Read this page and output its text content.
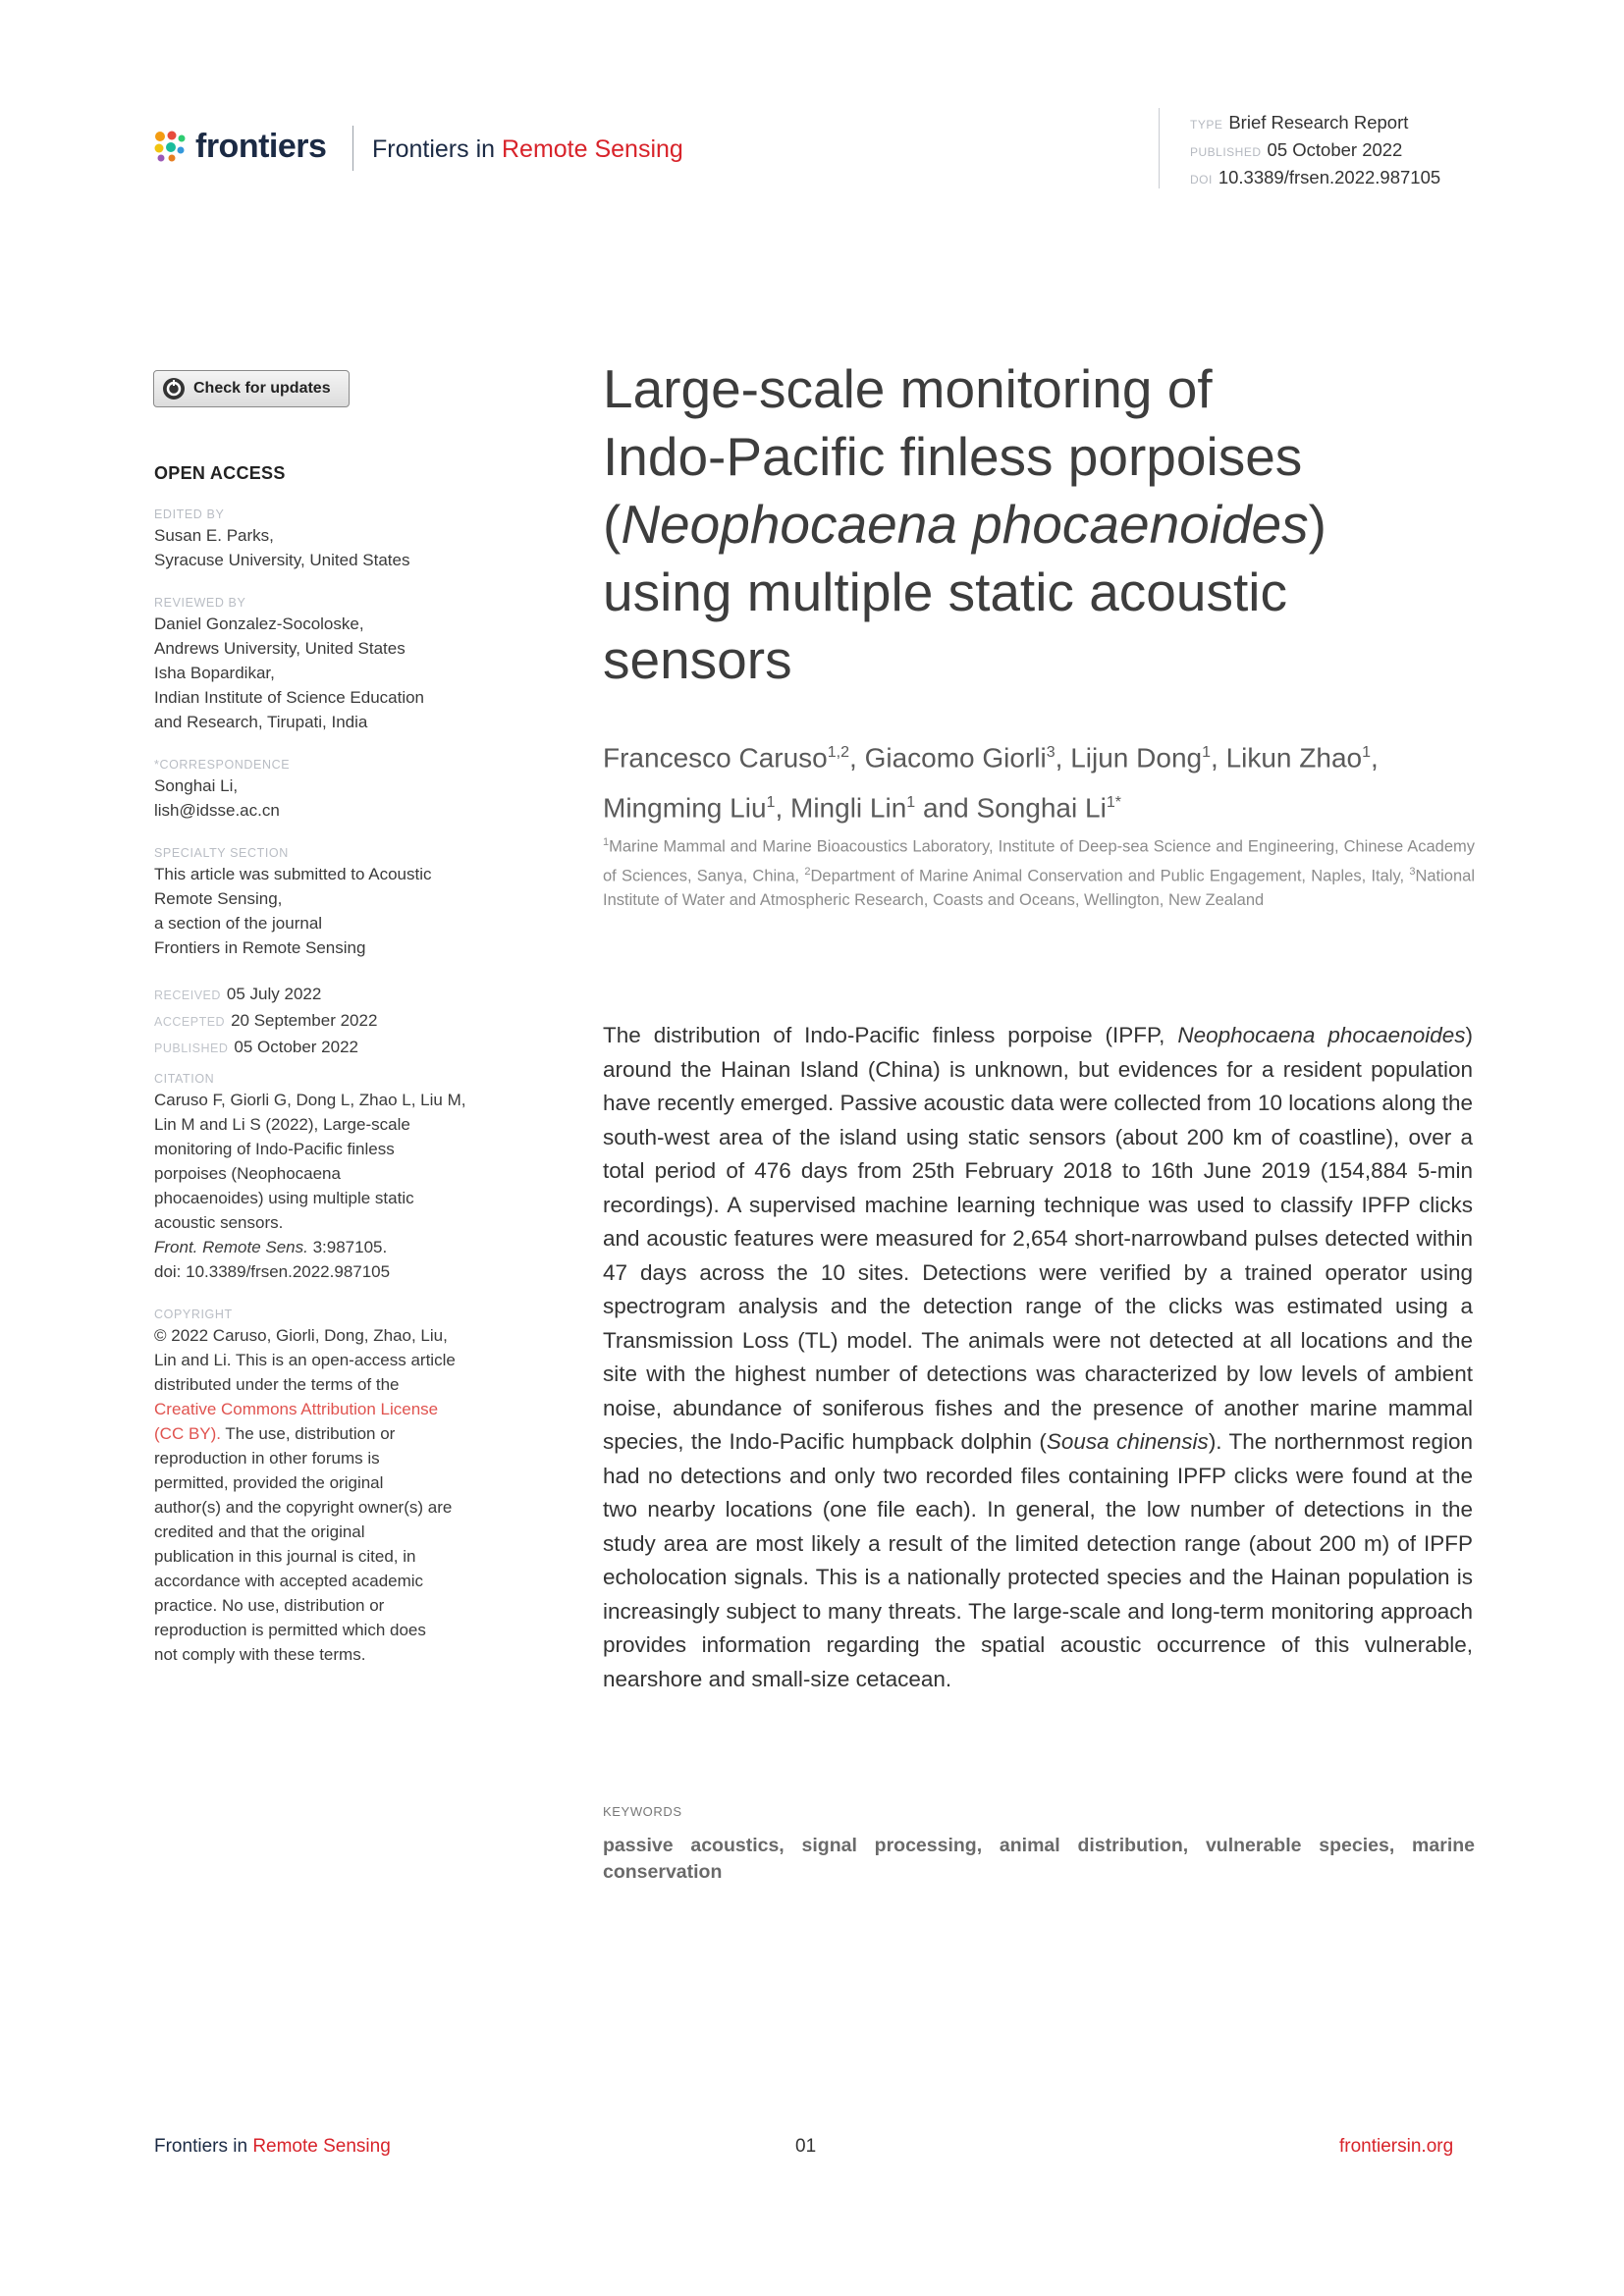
frontiers Frontiers in Remote Sensing
TYPE Brief Research Report
PUBLISHED 05 October 2022
DOI 10.3389/frsen.2022.987105
Check for updates
OPEN ACCESS
EDITED BY
Susan E. Parks,
Syracuse University, United States
REVIEWED BY
Daniel Gonzalez-Socoloske,
Andrews University, United States
Isha Bopardikar,
Indian Institute of Science Education
and Research, Tirupati, India
*CORRESPONDENCE
Songhai Li,
lish@idsse.ac.cn
SPECIALTY SECTION
This article was submitted to Acoustic
Remote Sensing,
a section of the journal
Frontiers in Remote Sensing
RECEIVED 05 July 2022
ACCEPTED 20 September 2022
PUBLISHED 05 October 2022
CITATION
Caruso F, Giorli G, Dong L, Zhao L, Liu M,
Lin M and Li S (2022), Large-scale
monitoring of Indo-Pacific finless
porpoises (Neophocaena
phocaenoides) using multiple static
acoustic sensors.
Front. Remote Sens. 3:987105.
doi: 10.3389/frsen.2022.987105
COPYRIGHT
© 2022 Caruso, Giorli, Dong, Zhao, Liu,
Lin and Li. This is an open-access article
distributed under the terms of the
Creative Commons Attribution License
(CC BY). The use, distribution or
reproduction in other forums is
permitted, provided the original
author(s) and the copyright owner(s) are
credited and that the original
publication in this journal is cited, in
accordance with accepted academic
practice. No use, distribution or
reproduction is permitted which does
not comply with these terms.
Large-scale monitoring of
Indo-Pacific finless porpoises
(Neophocaena phocaenoides)
using multiple static acoustic
sensors
Francesco Caruso$^{1,2}$, Giacomo Giorli$^3$, Lijun Dong$^1$, Likun Zhao$^1$,
Mingming Liu$^1$, Mingli Lin$^1$ and Songhai $Li^{1*}$
$^1$Marine Mammal and Marine Bioacoustics Laboratory, Institute of Deep-sea Science and Engineering, Chinese Academy of Sciences, Sanya, China, $^2$Department of Marine Animal Conservation and Public Engagement, Naples, Italy, $^3$National Institute of Water and Atmospheric Research, Coasts and Oceans, Wellington, New Zealand
The distribution of Indo-Pacific finless porpoise (IPFP, Neophocaena phocaenoides) around the Hainan Island (China) is unknown, but evidences for a resident population have recently emerged. Passive acoustic data were collected from 10 locations along the south-west area of the island using static sensors (about 200 km of coastline), over a total period of 476 days from 25th February 2018 to 16th June 2019 (154,884 5-min recordings). A supervised machine learning technique was used to classify IPFP clicks and acoustic features were measured for 2,654 short-narrowband pulses detected within 47 days across the 10 sites. Detections were verified by a trained operator using spectrogram analysis and the detection range of the clicks was estimated using a Transmission Loss (TL) model. The animals were not detected at all locations and the site with the highest number of detections was characterized by low levels of ambient noise, abundance of soniferous fishes and the presence of another marine mammal species, the Indo-Pacific humpback dolphin (Sousa chinensis). The northernmost region had no detections and only two recorded files containing IPFP clicks were found at the two nearby locations (one file each). In general, the low number of detections in the study area are most likely a result of the limited detection range (about 200 m) of IPFP echolocation signals. This is a nationally protected species and the Hainan population is increasingly subject to many threats. The large-scale and long-term monitoring approach provides information regarding the spatial acoustic occurrence of this vulnerable, nearshore and small-size cetacean.
KEYWORDS
passive acoustics, signal processing, animal distribution, vulnerable species, marine conservation
Frontiers in Remote Sensing	01	frontiersin.org
